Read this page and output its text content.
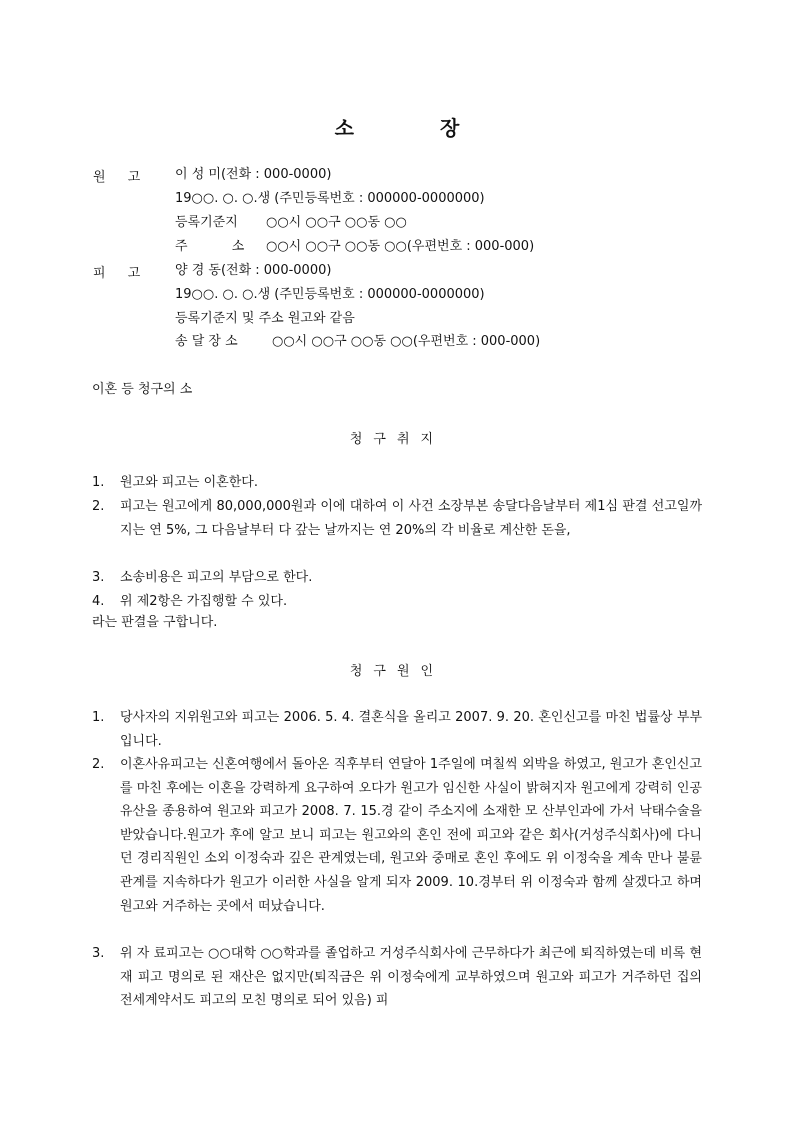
소	장
원 고	이 성 미(전화 : 000-0000)
19○○. ○. ○.생 (주민등록번호 : 000000-0000000)
등록기준지 ○○시 ○○구 ○○동 ○○
주 소 ○○시 ○○구 ○○동 ○○(우편번호 : 000-000)
피 고	양 경 동(전화 : 000-0000)
19○○. ○. ○.생 (주민등록번호 : 000000-0000000)
등록기준지 및 주소 원고와 같음
송 달 장 소	○○시 ○○구 ○○동 ○○(우편번호 : 000-000)
이혼 등 청구의 소
청구취지
1. 원고와 피고는 이혼한다.
2. 피고는 원고에게 80,000,000원과 이에 대하여 이 사건 소장부본 송달다음날부터 제1심 판결 선고일까지는 연 5%, 그 다음날부터 다 갚는 날까지는 연 20%의 각 비율로 계산한 돈을,
3. 소송비용은 피고의 부담으로 한다.
4. 위 제2항은 가집행할 수 있다.
라는 판결을 구합니다.
청구원인
1. 당사자의 지위원고와 피고는 2006. 5. 4. 결혼식을 올리고 2007. 9. 20. 혼인신고를 마친 법률상 부부입니다.
2. 이혼사유피고는 신혼여행에서 돌아온 직후부터 연달아 1주일에 며칠씩 외박을 하였고, 원고가 혼인신고를 마친 후에는 이혼을 강력하게 요구하여 오다가 원고가 임신한 사실이 밝혀지자 원고에게 강력히 인공유산을 종용하여 원고와 피고가 2008. 7. 15.경 같이 주소지에 소재한 모 산부인과에 가서 낙태수술을 받았습니다.원고가 후에 알고 보니 피고는 원고와의 혼인 전에 피고와 같은 회사(거성주식회사)에 다니던 경리직원인 소외 이정숙과 깊은 관계였는데, 원고와 중매로 혼인 후에도 위 이정숙을 계속 만나 불륜관계를 지속하다가 원고가 이러한 사실을 알게 되자 2009. 10.경부터 위 이정숙과 함께 살겠다고 하며 원고와 거주하는 곳에서 떠났습니다.
3. 위 자 료피고는 ○○대학 ○○학과를 졸업하고 거성주식회사에 근무하다가 최근에 퇴직하였는데 비록 현재 피고 명의로 된 재산은 없지만(퇴직금은 위 이정숙에게 교부하였으며 원고와 피고가 거주하던 집의 전세계약서도 피고의 모친 명의로 되어 있음) 피
